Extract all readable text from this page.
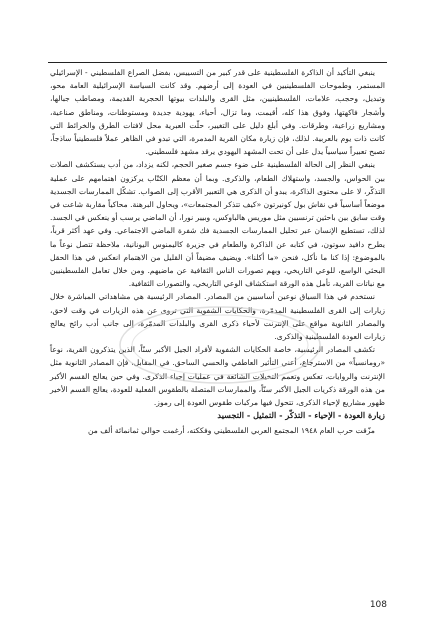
ينبغي التأكيد أن الذاكرة الفلسطينية على قدر كبير من التسييس، بفضل الصراع الفلسطيني - الإسرائيلي المستمر، وطموحات الفلسطينيين في العودة إلى أرضهم. وقد كانت السياسة الإسرائيلية العامة محو، وتبديل، وحجب، علامات، الفلسطينيين، مثل القرى والبلدات بيوتها الحجرية القديمة، ومصاطب جبالها، وأشجار فاكهتها، وفوق هذا كله، أقيمت، وما تزال، أحياء، يهودية جديدة ومستوطنات، ومناطق صناعية، ومشاريع زراعية، وطرقات. وفي أبلغ دليل على التغيير، حلّت العبرية محل لافتات الطرق والخرائط التي كانت ذات يوم بالعربية. لذلك، فإن زيارة مكان القرية المدمرة، التي تبدو في الظاهر عملاً فلسطينياً ساذجاً، تصبح تعبيراً سياسياً يدل على أن تحت المشهد اليهودي يرقد مشهد فلسطيني.

ينبغي النظر إلى الحالة الفلسطينية على ضوء جسم صغير الحجم، لكنه يزداد، من أدب يستكشف الصلات بين الحواس، والجسد، واستهلاك الطعام، والذكرى. وبما أن معظم الكتّاب يركزون اهتمامهم على عملية التذكّر، لا على محتوى الذاكرة، يبدو أن الذكرى هي التعبير الأقرب إلى الصواب. تشكّل الممارسات الجسدية موضعاً أساسياً في نقاش بول كونيرتون «كيف تتذكر المجتمعات»، ويحاول البرهنة. محاكياً مقاربة شاعت في وقت سابق بين باحثين ترنسيين مثل موريس هالباوكس، وبيير نورا، أن الماضي يرسب أو ينعكس في الجسد. لذلك، تستطيع الإنسان عبر تحليل الممارسات الجسدية فك شفرة الماضي الاجتماعي. وفي عهد أكثر قرباً، يطرح دافيد سوتون، في كتابه عن الذاكرة والطعام في جزيرة كاليمنوس اليونانية، ملاحظة تتصل نوعاً ما بالموضوع: إذا كنا ما نأكل، فنحن «ما أكلنا». ويضيف مضيفاً أن القليل من الاهتمام انعكس في هذا الحقل البحثي الواسع، للوعي التاريخي، وبهم تصورات الناس الثقافية عن ماضيهم. ومن خلال تعامل الفلسطينيين مع نباتات القرية، تأمل هذه الورقة استكشاف الوعي التاريخي، والتصورات الثقافية.

نستخدم في هذا السياق نوعين أساسيين من المصادر. المصادر الرئيسية هي مشاهداتي المباشرة خلال زيارات إلى القرى الفلسطينية المدمّرة، والحكايات الشفوية التي تروى عن هذه الزيارات في وقت لاحق، والمصادر الثانوية مواقع على الإنترنت لأحياء ذكرى القرى والبلدات المدمّرة، إلى جانب أدب رائج يعالج زيارات العودة الفلسطينية والذكرى.

تكشف المصادر الرئيسية، خاصة الحكايات الشفوية لأفراد الجيل الأكبر سنّاً، الذين يتذكرون القرية، نوعاً «رومانسياً» من الاسترجاع، أعني التأثير العاطفي والحسي الساحق. في المقابل، فإن المصادر الثانوية مثل الإنترنت والروايات، تعكس وتعمم التخيلات الشائعة في عمليات إحياء الذكرى. وفي حين يعالج القسم الأكبر من هذه الورقة ذكريات الجيل الأكبر سنّاً، والممارسات المتصلة بالطقوس الفعلية للعودة، يعالج القسم الأخير ظهور مشاريع لإحياء الذكرى، تتحول فيها مركبات طقوس العودة إلى رموز.

زيارة العودة - الإحياء - التذكّر - التمثيل - التجسيد

مزّقت حرب العام ١٩٤٨ المجتمع العربي الفلسطيني وفككته، أرغمت حوالي ثمانمائة ألف من

108
